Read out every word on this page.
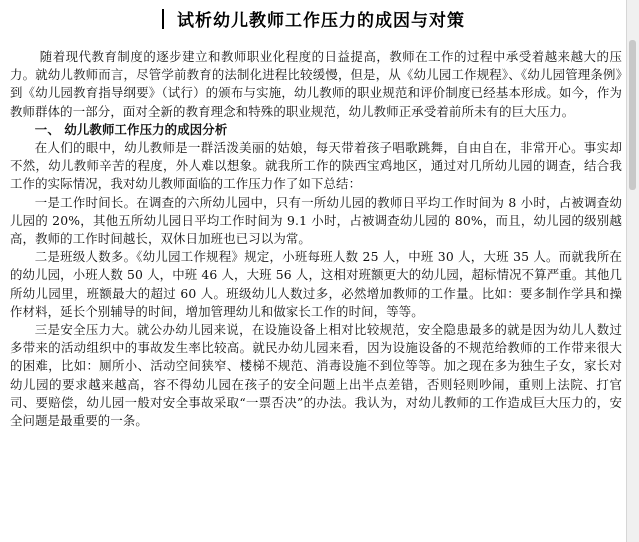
试析幼儿教师工作压力的成因与对策

随着现代教育制度的逐步建立和教师职业化程度的日益提高，教师在工作的过程中承受着越来越大的压力。就幼儿教师而言，尽管学前教育的法制化进程比较缓慢，但是，从《幼儿园工作规程》、《幼儿园管理条例》到《幼儿园教育指导纲要》（试行）的颁布与实施，幼儿教师的职业规范和评价制度已经基本形成。如今，作为教师群体的一部分，面对全新的教育理念和特殊的职业规范，幼儿教师正承受着前所未有的巨大压力。

一、 幼儿教师工作压力的成因分析

在人们的眼中，幼儿教师是一群活泼美丽的姑娘，每天带着孩子唱歌跳舞，自由自在，非常开心。事实却不然，幼儿教师辛苦的程度，外人难以想象。就我所工作的陕西宝鸡地区，通过对几所幼儿园的调查，结合我工作的实际情况，我对幼儿教师面临的工作压力作了如下总结：

一是工作时间长。在调查的六所幼儿园中，只有一所幼儿园的教师日平均工作时间为 8 小时，占被调查幼儿园的 20%，其他五所幼儿园日平均工作时间为 9.1 小时，占被调查幼儿园的 80%，而且，幼儿园的级别越高，教师的工作时间越长，双休日加班也已习以为常。

二是班级人数多。《幼儿园工作规程》规定，小班每班人数 25 人，中班 30 人，大班 35 人。而就我所在的幼儿园，小班人数 50 人，中班 46 人，大班 56 人，这相对班额更大的幼儿园，超标情况不算严重。其他几所幼儿园里，班额最大的超过 60 人。班级幼儿人数过多，必然增加教师的工作量。比如：要多制作学具和操作材料，延长个别辅导的时间，增加管理幼儿和做家长工作的时间，等等。

三是安全压力大。就公办幼儿园来说，在设施设备上相对比较规范，安全隐患最多的就是因为幼儿人数过多带来的活动组织中的事故发生率比较高。就民办幼儿园来看，因为设施设备的不规范给教师的工作带来很大的困难，比如：厕所小、活动空间狭窄、楼梯不规范、消毒设施不到位等等。加之现在多为独生子女，家长对幼儿园的要求越来越高，容不得幼儿园在孩子的安全问题上出半点差错，否则轻则吵闹，重则上法院、打官司、要赔偿，幼儿园一般对安全事故采取“一票否决”的办法。我认为，对幼儿教师的工作造成巨大压力的，安全问题是最重要的一条。
